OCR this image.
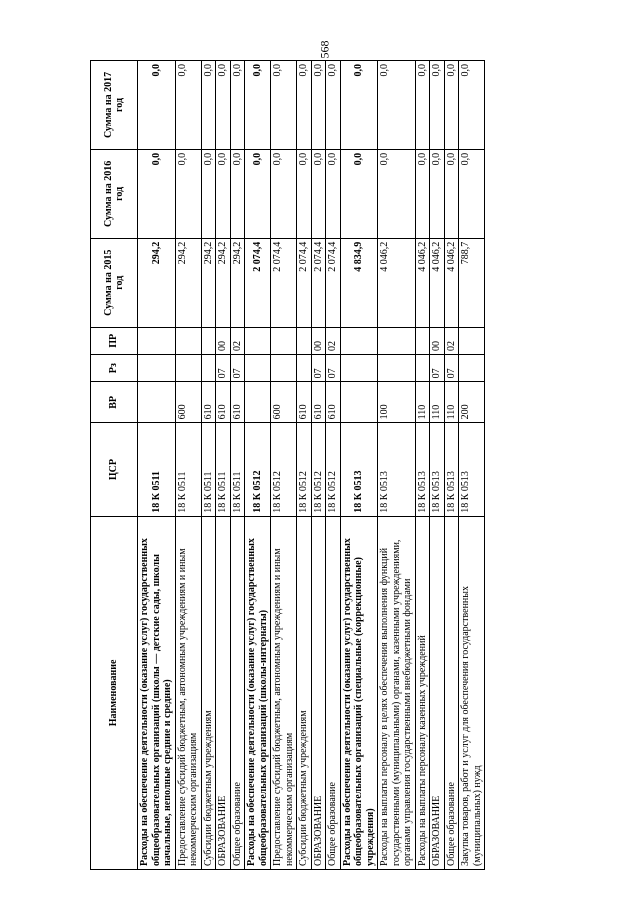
568
Наименование	ЦСР	ВР	Рз	ПР	Сумма на 2015 год	Сумма на 2016 год	Сумма на 2017 год
Расходы на обеспечение деятельности (оказание услуг) государственных общеобразовательных организаций (школы — детские сады, школы начальные, неполные средние и средние)	18 К 0511				294,2	0,0	0,0
Предоставление субсидий бюджетным, автономным учреждениям и иным некоммерческим организациям	18 К 0511	600			294,2	0,0	0,0
Субсидии бюджетным учреждениям	18 К 0511	610			294,2	0,0	0,0
ОБРАЗОВАНИЕ	18 К 0511	610	07	00	294,2	0,0	0,0
Общее образование	18 К 0511	610	07	02	294,2	0,0	0,0
Расходы на обеспечение деятельности (оказание услуг) государственных общеобразовательных организаций (школы-интернаты)	18 К 0512				2 074,4	0,0	0,0
Предоставление субсидий бюджетным, автономным учреждениям и иным некоммерческим организациям	18 К 0512	600			2 074,4	0,0	0,0
Субсидии бюджетным учреждениям	18 К 0512	610			2 074,4	0,0	0,0
ОБРАЗОВАНИЕ	18 К 0512	610	07	00	2 074,4	0,0	0,0
Общее образование	18 К 0512	610	07	02	2 074,4	0,0	0,0
Расходы на обеспечение деятельности (оказание услуг) государственных общеобразовательных организаций (специальные (коррекционные) учреждения)	18 К 0513				4 834,9	0,0	0,0
Расходы на выплаты персоналу в целях обеспечения выполнения функций государственными (муниципальными) органами, казенными учреждениями, органами управления государственными внебюджетными фондами	18 К 0513	100			4 046,2	0,0	0,0
Расходы на выплаты персоналу казенных учреждений	18 К 0513	110			4 046,2	0,0	0,0
ОБРАЗОВАНИЕ	18 К 0513	110	07	00	4 046,2	0,0	0,0
Общее образование	18 К 0513	110	07	02	4 046,2	0,0	0,0
Закупка товаров, работ и услуг для обеспечения государственных (муниципальных) нужд	18 К 0513	200			788,7	0,0	0,0
